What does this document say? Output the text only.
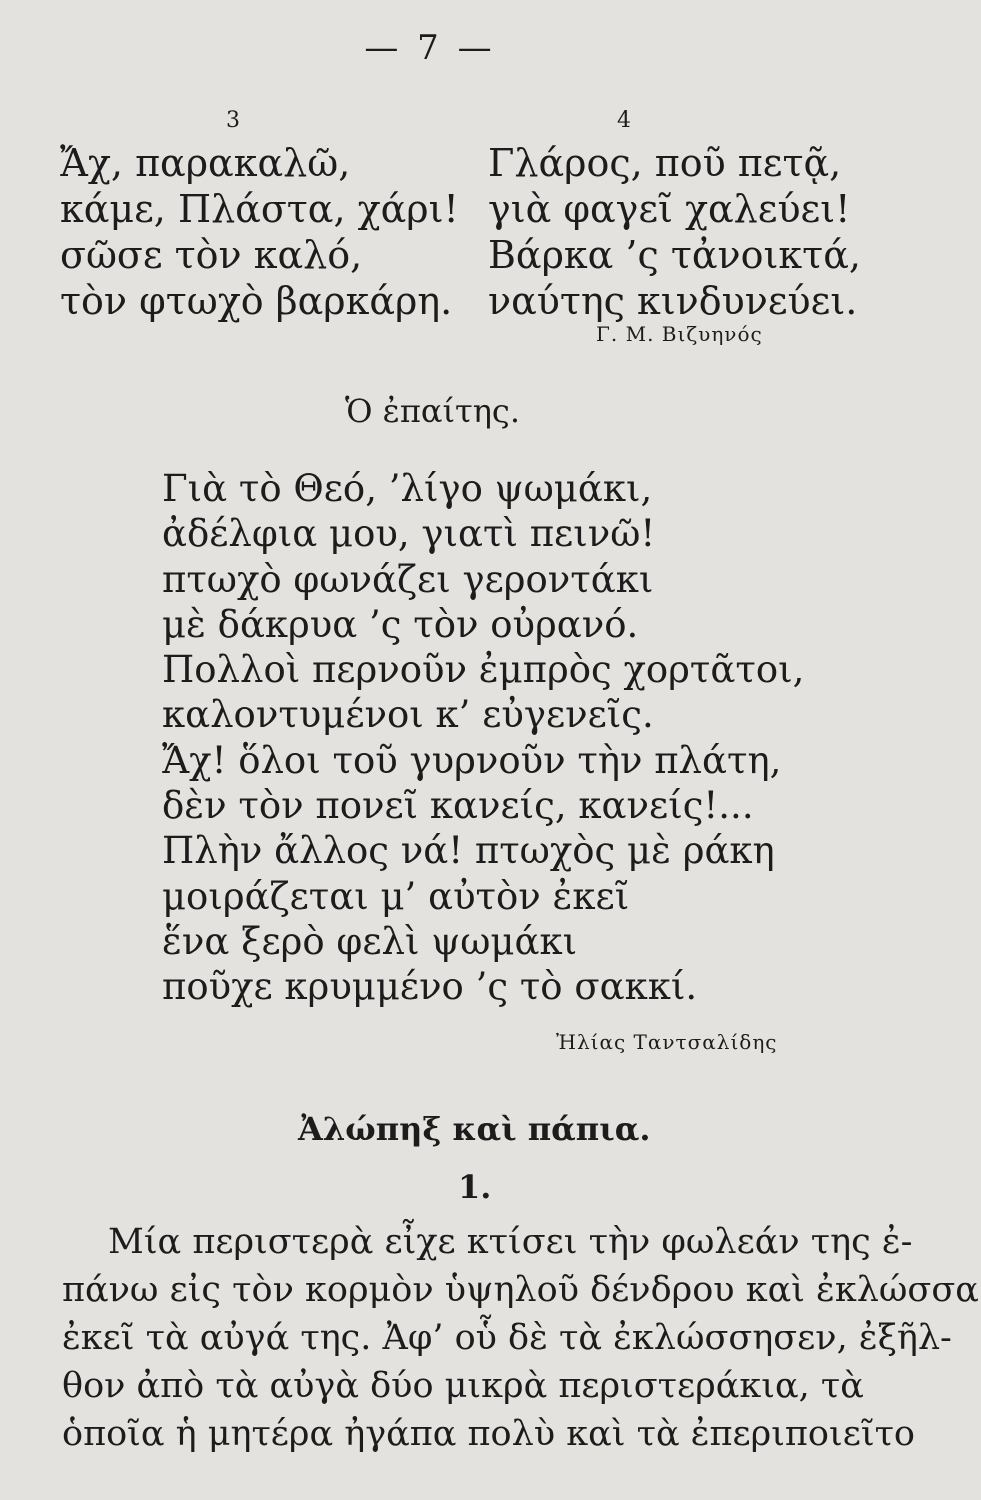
— 7 —
3	4
Ἄχ, παρακαλῶ,
κάμε, Πλάστα, χάρι!
σῶσε τὸν καλό,
τὸν φτωχὸ βαρκάρη.
Γλάρος, ποῦ πετᾷ,
γιὰ φαγεῖ χαλεύει!
Βάρκα ’ς τἀνοικτά,
ναύτης κινδυνεύει.
Γ. Μ. Βιζυηνός
Ὁ ἐπαίτης.
Γιὰ τὸ Θεό, ’λίγο ψωμάκι,
ἀδέλφια μου, γιατὶ πεινῶ!
πτωχὸ φωνάζει γεροντάκι
μὲ δάκρυα ’ς τὸν οὐρανό.
Πολλοὶ περνοῦν ἐμπρὸς χορτᾶτοι,
καλοντυμένοι κ’ εὐγενεῖς.
Ἄχ! ὅλοι τοῦ γυρνοῦν τὴν πλάτη,
δὲν τὸν πονεῖ κανείς, κανείς!...
Πλὴν ἄλλος νά! πτωχὸς μὲ ράκη
μοιράζεται μ’ αὐτὸν ἐκεῖ
ἕνα ξερὸ φελὶ ψωμάκι
ποῦχε κρυμμένο ’ς τὸ σακκί.
Ἠλίας Ταντσαλίδης
Ἀλώπηξ καὶ πάπια.
1.
Μία περιστερὰ εἶχε κτίσει τὴν φωλεάν της ἐ-
πάνω εἰς τὸν κορμὸν ὑψηλοῦ δένδρου καὶ ἐκλώσσα
ἐκεῖ τὰ αὐγά της. Ἀφ’ οὗ δὲ τὰ ἐκλώσσησεν, ἐξῆλ-
θον ἀπὸ τὰ αὐγὰ δύο μικρὰ περιστεράκια, τὰ
ὁποῖα ἡ μητέρα ἠγάπα πολὺ καὶ τὰ ἐπεριποιεῖτο
